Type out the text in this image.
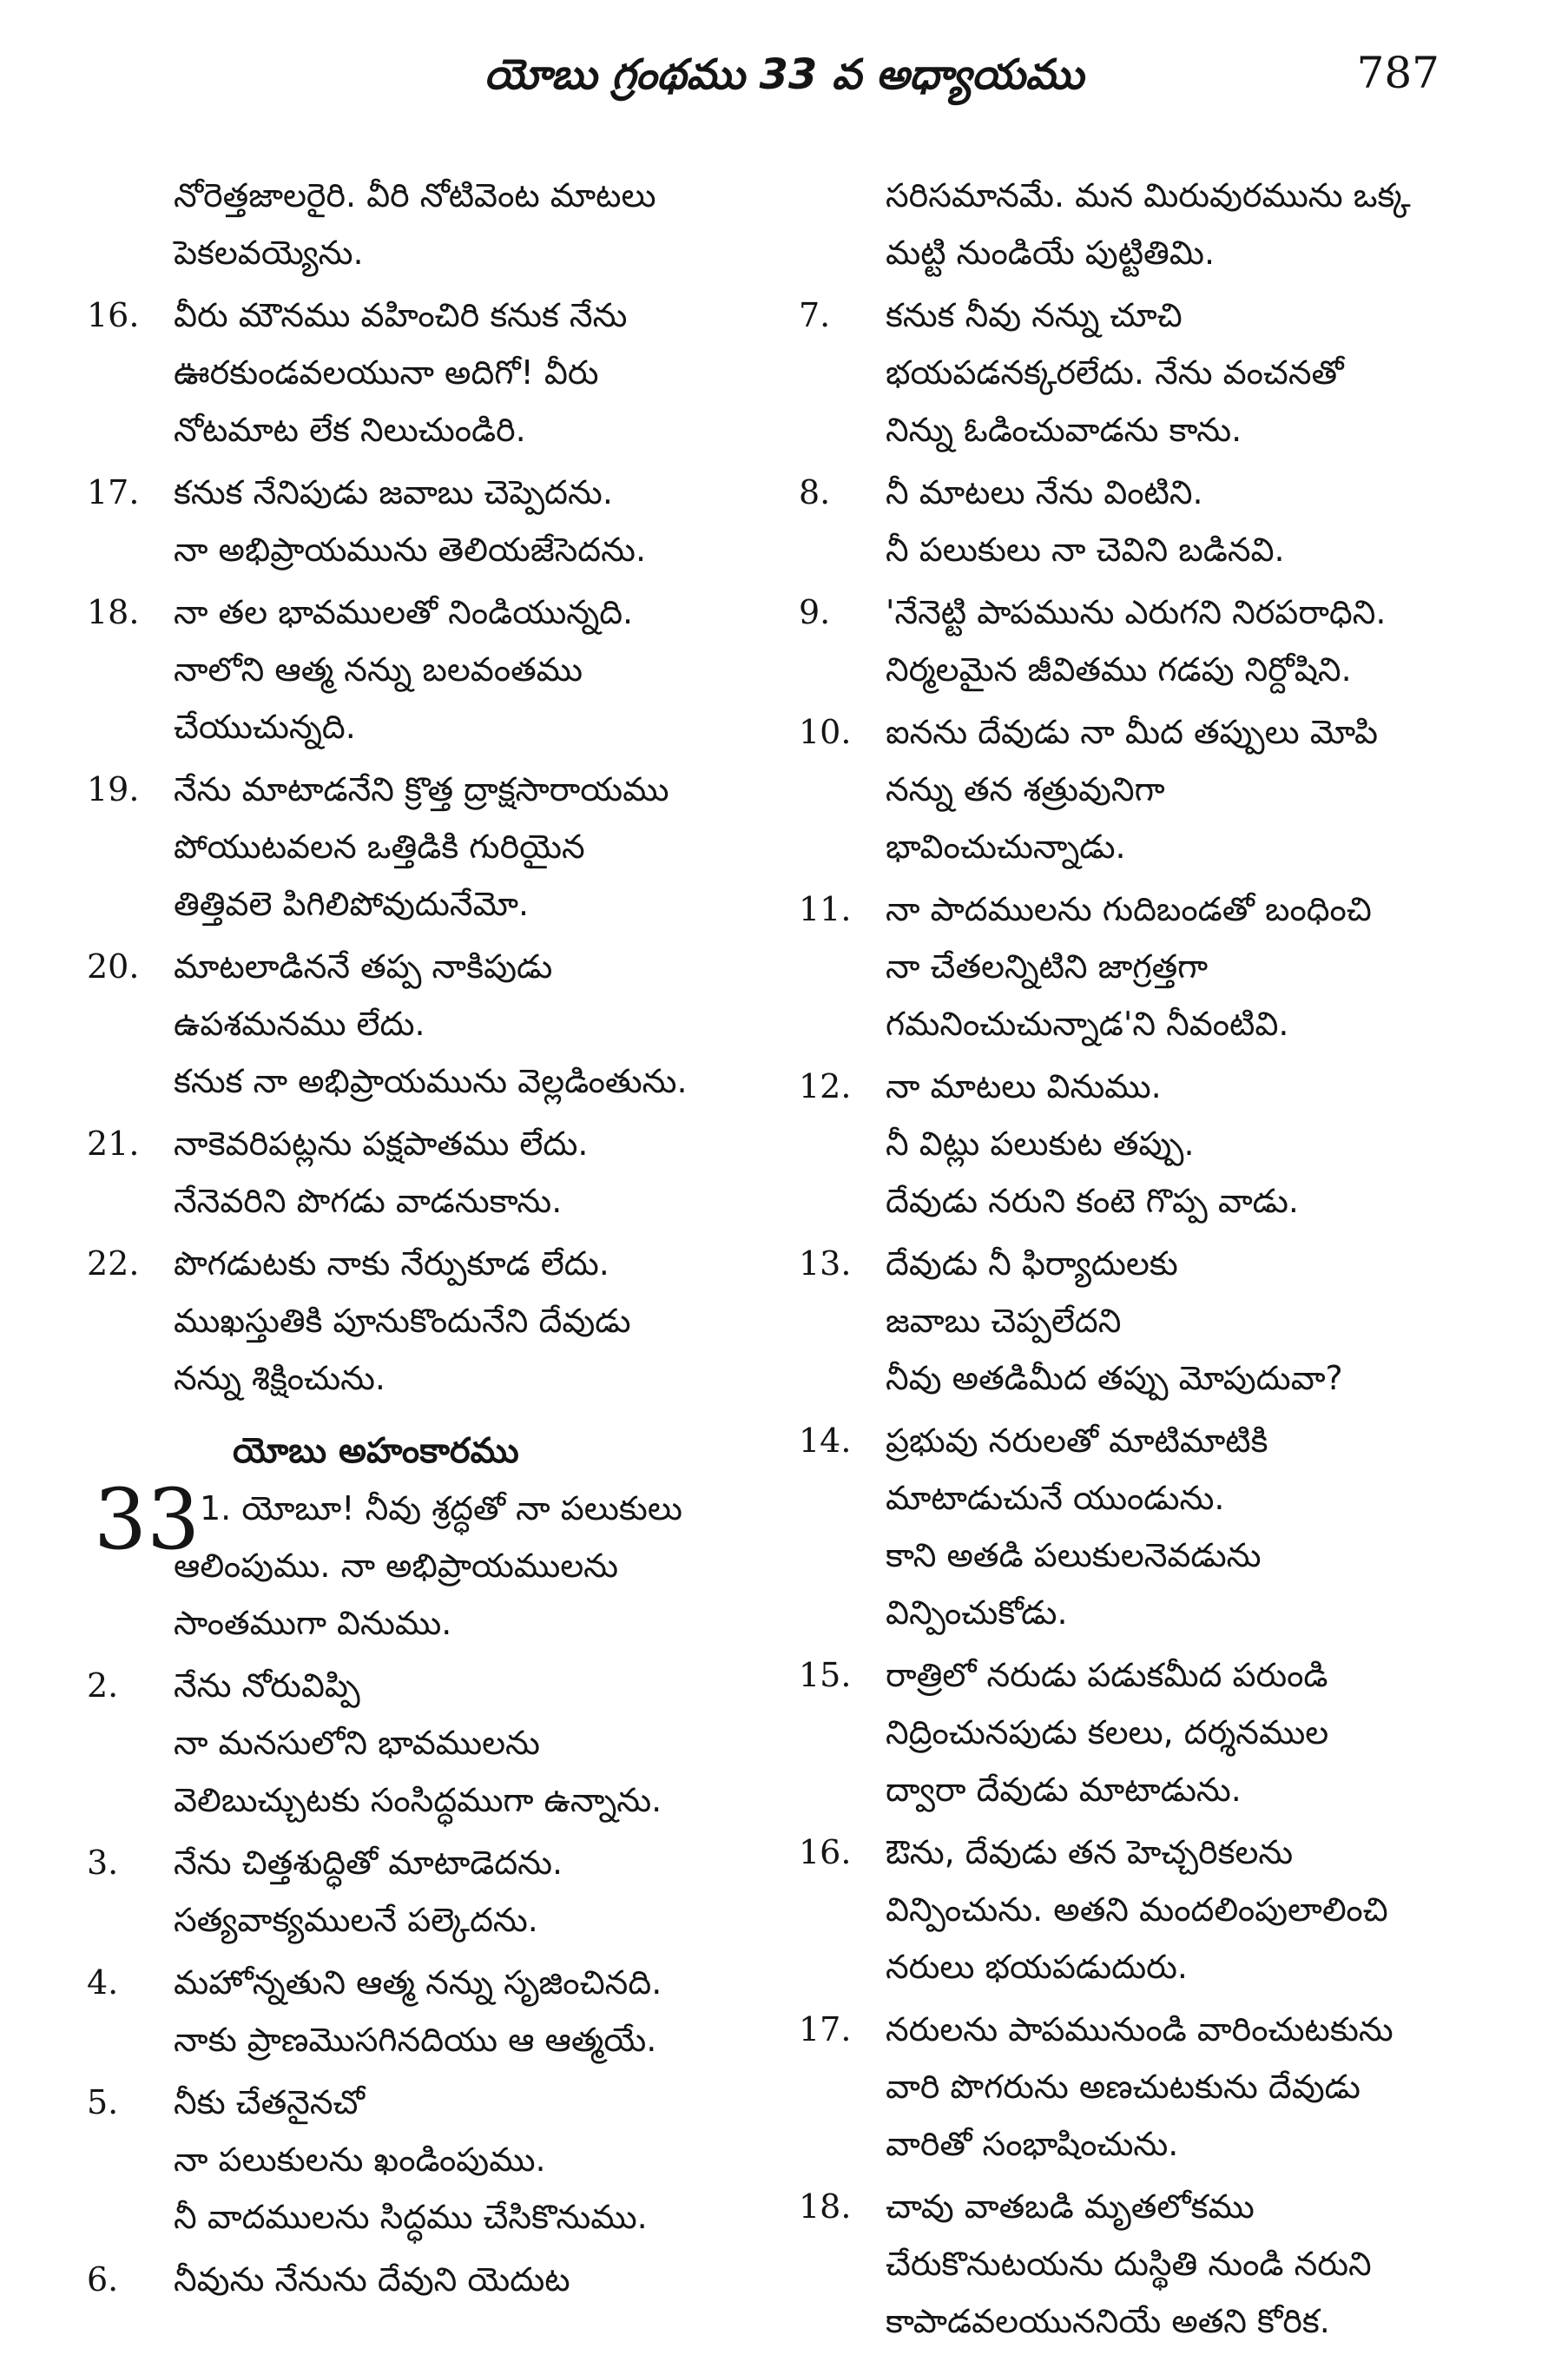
యోబు గ్రంథము 33 వ అధ్యాయము	787
నోరెత్తజాలరైరి. వీరి నోటివెంట మాటలు
పెకలవయ్యెను.
16.	వీరు మౌనము వహించిరి కనుక నేను
ఊరకుండవలయునా అదిగో! వీరు
నోటమాట లేక నిలుచుండిరి.
17.	కనుక నేనిపుడు జవాబు చెప్పెదను.
నా అభిప్రాయమును తెలియజేసెదను.
18.	నా తల భావములతో నిండియున్నది.
నాలోని ఆత్మ నన్ను బలవంతము
చేయుచున్నది.
19.	నేను మాటాడనేని క్రొత్త ద్రాక్షసారాయము
పోయుటవలన ఒత్తిడికి గురియైన
తిత్తివలె పిగిలిపోవుదునేమో.
20.	మాటలాడిననే తప్ప నాకిపుడు
ఉపశమనము లేదు.
కనుక నా అభిప్రాయమును వెల్లడింతును.
21.	నాకెవరిపట్లను పక్షపాతము లేదు.
నేనెవరిని పొగడు వాడనుకాను.
22.	పొగడుటకు నాకు నేర్పుకూడ లేదు.
ముఖస్తుతికి పూనుకొందునేని దేవుడు
నన్ను శిక్షించును.
యోబు అహంకారము
33 1. యోబూ! నీవు శ్రద్ధతో నా పలుకులు
ఆలింపుము. నా అభిప్రాయములను
సాంతముగా వినుము.
2.	నేను నోరువిప్పి
నా మనసులోని భావములను
వెలిబుచ్చుటకు సంసిద్ధముగా ఉన్నాను.
3.	నేను చిత్తశుద్ధితో మాటాడెదను.
సత్యవాక్యములనే పల్కెదను.
4.	మహోన్నతుని ఆత్మ నన్ను సృజించినది.
నాకు ప్రాణమొసగినదియు ఆ ఆత్మయే.
5.	నీకు చేతనైనచో
నా పలుకులను ఖండింపుము.
నీ వాదములను సిద్ధము చేసికొనుము.
6.	నీవును నేనును దేవుని యెదుట
సరిసమానమే. మన మిరువురమును ఒక్క
మట్టి నుండియే పుట్టితిమి.
7.	కనుక నీవు నన్ను చూచి
భయపడనక్కరలేదు. నేను వంచనతో
నిన్ను ఓడించువాడను కాను.
8.	నీ మాటలు నేను వింటిని.
నీ పలుకులు నా చెవిని బడినవి.
9.	'నేనెట్టి పాపమును ఎరుగని నిరపరాధిని.
నిర్మలమైన జీవితము గడపు నిర్దోషిని.
10.	ఐనను దేవుడు నా మీద తప్పులు మోపి
నన్ను తన శత్రువునిగా
భావించుచున్నాడు.
11.	నా పాదములను గుదిబండతో బంధించి
నా చేతలన్నిటిని జాగ్రత్తగా
గమనించుచున్నాడ'ని నీవంటివి.
12.	నా మాటలు వినుము.
నీ విట్లు పలుకుట తప్పు.
దేవుడు నరుని కంటె గొప్ప వాడు.
13.	దేవుడు నీ ఫిర్యాదులకు
జవాబు చెప్పలేదని
నీవు అతడిమీద తప్పు మోపుదువా?
14.	ప్రభువు నరులతో మాటిమాటికి
మాటాడుచునే యుండును.
కాని అతడి పలుకులనెవడును
విన్పించుకోడు.
15.	రాత్రిలో నరుడు పడుకమీద పరుండి
నిద్రించునపుడు కలలు, దర్శనముల
ద్వారా దేవుడు మాటాడును.
16.	ఔను, దేవుడు తన హెచ్చరికలను
విన్పించును. అతని మందలింపులాలించి
నరులు భయపడుదురు.
17.	నరులను పాపమునుండి వారించుటకును
వారి పొగరును అణచుటకును దేవుడు
వారితో సంభాషించును.
18.	చావు వాతబడి మృతలోకము
చేరుకొనుటయను దుస్థితి నుండి నరుని
కాపాడవలయుననియే అతని కోరిక.
